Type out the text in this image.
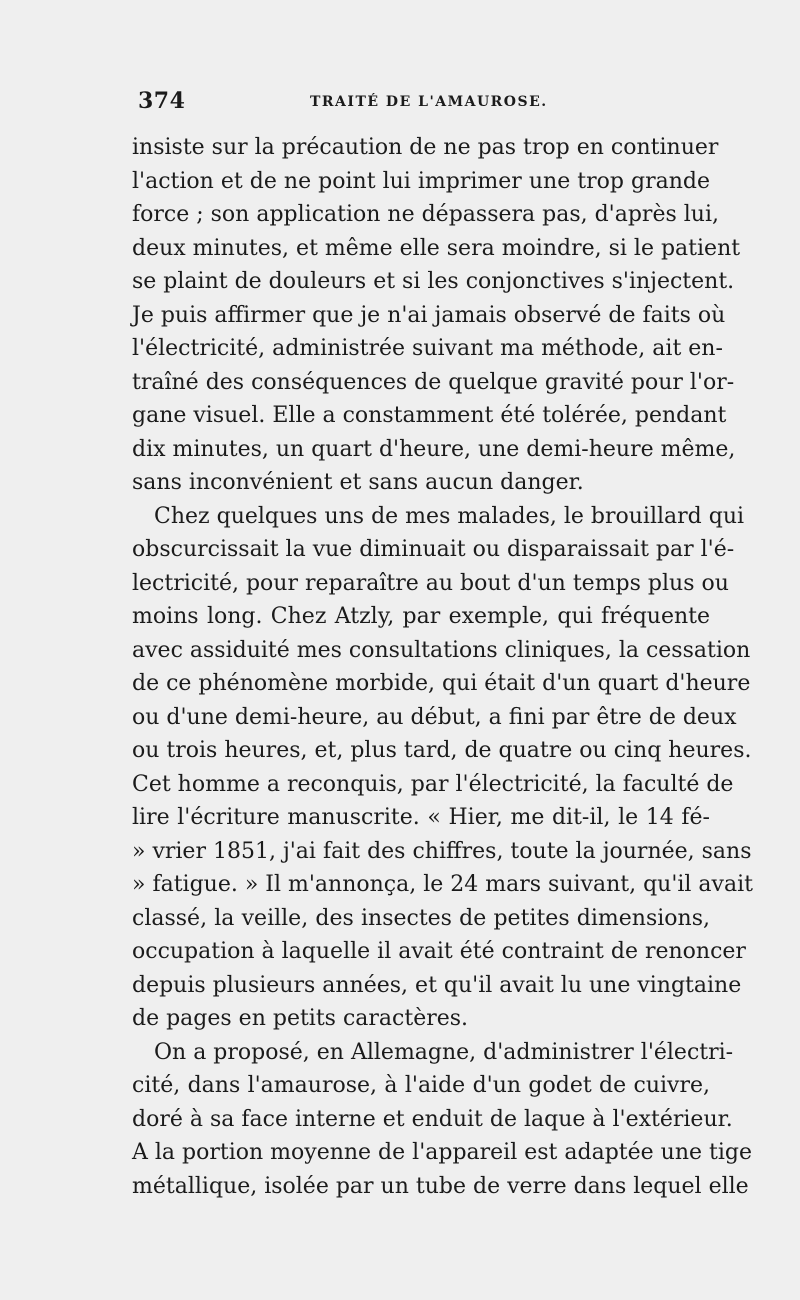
374	TRAITÉ DE L'AMAUROSE.
insiste sur la précaution de ne pas trop en continuer
l'action et de ne point lui imprimer une trop grande
force ; son application ne dépassera pas, d'après lui,
deux minutes, et même elle sera moindre, si le patient
se plaint de douleurs et si les conjonctives s'injectent.
Je puis affirmer que je n'ai jamais observé de faits où
l'électricité, administrée suivant ma méthode, ait en-
traîné des conséquences de quelque gravité pour l'or-
gane visuel. Elle a constamment été tolérée, pendant
dix minutes, un quart d'heure, une demi-heure même,
sans inconvénient et sans aucun danger.
Chez quelques uns de mes malades, le brouillard qui
obscurcissait la vue diminuait ou disparaissait par l'é-
lectricité, pour reparaître au bout d'un temps plus ou
moins long. Chez Atzly, par exemple, qui fréquente
avec assiduité mes consultations cliniques, la cessation
de ce phénomène morbide, qui était d'un quart d'heure
ou d'une demi-heure, au début, a fini par être de deux
ou trois heures, et, plus tard, de quatre ou cinq heures.
Cet homme a reconquis, par l'électricité, la faculté de
lire l'écriture manuscrite. « Hier, me dit-il, le 14 fé-
» vrier 1851, j'ai fait des chiffres, toute la journée, sans
» fatigue. » Il m'annonça, le 24 mars suivant, qu'il avait
classé, la veille, des insectes de petites dimensions,
occupation à laquelle il avait été contraint de renoncer
depuis plusieurs années, et qu'il avait lu une vingtaine
de pages en petits caractères.
On a proposé, en Allemagne, d'administrer l'électri-
cité, dans l'amaurose, à l'aide d'un godet de cuivre,
doré à sa face interne et enduit de laque à l'extérieur.
A la portion moyenne de l'appareil est adaptée une tige
métallique, isolée par un tube de verre dans lequel elle
